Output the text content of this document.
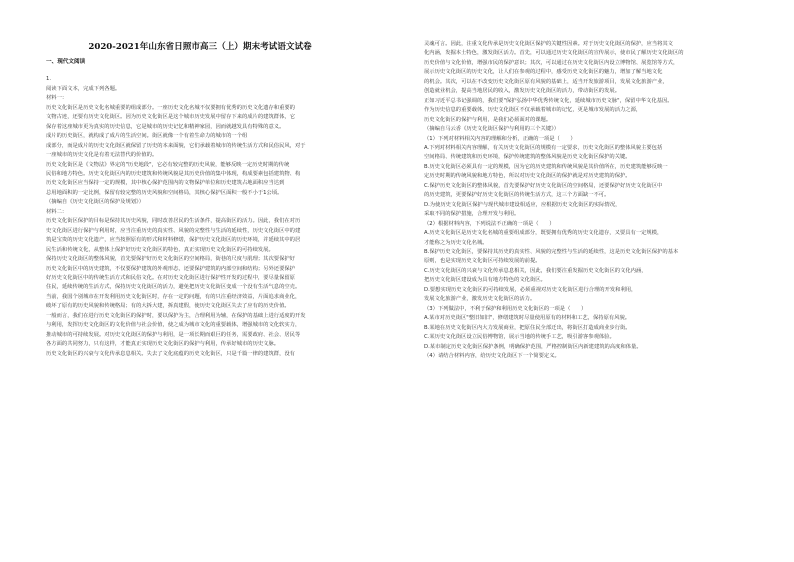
2020-2021年山东省日照市高三（上）期末考试语文试卷
一、现代文阅读
1.
阅读下面文本，完成下列各题。
材料一：
历史文化街区是历史文化名城重要的组成部分。一座历史文化名城不仅要拥有优秀的历史文化遗存和重要的
文物古迹，还要有历史文化街区。因为历史文化街区是这个城市历史发展中留存下来的成片的建筑群体，它
保存着这座城市更为真实的历史信息，它是城市的历史记忆和精神家园，因而就越发具有特殊的意义。
成片的历史街区，就构成了成片的生活空间。街区就像一个有着生命力的城市的一个组
成部分，而是成片的历史文化街区就保留了历史的本来面貌，它们承载着城市的传统生活方式和民俗民风，对于
一座城市的历史文化是有着无法替代的价值的。
历史文化街区是《文物法》界定的"历史地段"，它必有较完整的历史风貌，能够反映一定历史时期的传统
民俗和地方特色。历史文化街区内的历史建筑和传统风貌是其历史价值的集中体现，构成要素包括建筑物、构
历史文化街区应当保持一定的规模，其中核心保护范围内的文物保护单位和历史建筑占地面积应当达到
总用地面积的一定比例，保留有较完整的历史风貌和空间格局，其核心保护区面积一般不小于1公顷。
（摘编自《历史文化街区的保护及规划》）
材料二：
历史文化街区保护的目标是保持其历史风貌，同时改善居民的生活条件，提高街区的活力。因此，我们在对历
史文化街区进行保护与利用时，应当注重历史的真实性、风貌的完整性与生活的延续性，历史文化街区中的建
筑是宝贵的历史文化遗产，应当按照原有的形式和材料修缮，保护历史文化街区的历史环境，并延续其中的居
民生活和传统文化，从整体上保护好历史文化街区的特色，真正实现历史文化街区的可持续发展。
保持历史文化街区的整体风貌，首先要保护好历史文化街区的空间格局，街巷的尺度与肌理；其次要保护好
历史文化街区中的历史建筑，不仅要保护建筑的外观形态，还要保护建筑的内部空间和结构；另外还要保护
好历史文化街区中的传统生活方式和民俗文化。在对历史文化街区进行保护性开发的过程中，要尽量保留原
住民，延续传统的生活方式，保持历史文化街区的活力，避免把历史文化街区变成一个没有生活气息的空壳。
当前，我国个别城市在开发利用历史文化街区时，存在一定的问题，有的只注重经济效益，片面追求商业化，
破坏了原有的历史风貌和传统格局；有的大拆大建，拆真建假，使历史文化街区失去了应有的历史价值。
一般而言，我们在进行历史文化街区的保护时，要以保护为主，合理利用为辅，在保护的基础上进行适度的开发
与利用，发挥历史文化街区的文化价值与社会价值，使之成为城市文化的重要载体，增强城市的文化软实力，
推动城市的可持续发展。对历史文化街区的保护与利用，是一项长期而艰巨的任务，需要政府、社会、居民等
各方面的共同努力，只有这样，才能真正实现历史文化街区的保护与利用，传承好城市的历史文脉。
历史文化街区的兴衰与文化传承息息相关。失去了文化底蕴的历史文化街区，只是千篇一律的建筑群，没有
灵魂可言。因此，注重文化传承是历史文化街区保护的关键性因素。对于历史文化街区的保护，应当将其文
化内涵，发掘本土特色，激发街区活力。首先，可以通过历史文化街区的宣传展示，使市民了解历史文化街区的
历史价值与文化价值，增强市民的保护意识；其次，可以通过在历史文化街区内设立博物馆、展览馆等方式，
展示历史文化街区的历史文化，让人们在参观的过程中，感受历史文化街区的魅力，增加了解当地文化
的机会。其次，可以在不改变历史文化街区原有风貌的基础上，适当开发旅游项目，发展文化旅游产业，
创造就业机会，提高当地居民的收入，激发历史文化街区的活力，带动街区的发展。
正如习近平总书记强调的，我们要"保护弘扬中华优秀传统文化，延续城市历史文脉"，保留中华文化基因。
作为历史信息的重要载体，历史文化街区不仅承载着城市的记忆，更是城市发展的活力之源，
历史文化街区的保护与利用，是我们必须面对的课题。
（摘编自马云香《历史文化街区保护与利用的三个关键》）
（1）下列对材料相关内容的理解和分析，正确的一项是（　　）
A.下列对材料相关内容理解，有关历史文化街区的规模有一定要求，历史文化街区的整体风貌主要包括
空间格局、传统建筑和历史环境，保护传统建筑的整体风貌是历史文化街区保护的关键。
B.历史文化街区必须具有一定的规模，因为它的历史建筑和传统风貌是其价值所在，历史建筑能够反映一
定历史时期的传统风貌和地方特色，所以对历史文化街区的保护就是对历史建筑的保护。
C.保护历史文化街区的整体风貌，首先要保护好历史文化街区的空间格局，还要保护好历史文化街区中
的历史建筑，更要保护好历史文化街区的传统生活方式，这三个方面缺一不可。
D.为使历史文化街区保护与现代城市建设相适应，应根据历史文化街区的实际情况，
采取不同的保护措施，合理开发与利用。
（2）根据材料内容，下列说法不正确的一项是（　　）
A.历史文化街区是历史文化名城的重要组成部分，既要拥有优秀的历史文化遗存，又要具有一定规模，
才能称之为历史文化名城。
B.保护历史文化街区，要保持其历史的真实性、风貌的完整性与生活的延续性，这是历史文化街区保护的基本
原则，也是实现历史文化街区可持续发展的前提。
C.历史文化街区的兴衰与文化传承息息相关，因此，我们要注重发掘历史文化街区的文化内涵，
把历史文化街区建设成为具有地方特色的文化街区。
D.要想实现历史文化街区的可持续发展，必须重视对历史文化街区进行合理的开发和利用，
发展文化旅游产业，激发历史文化街区的活力。
（3）下列做法中，不利于保护和利用历史文化街区的一项是（　　）
A.某市对历史街区"整旧如旧"，修缮建筑时尽量使用原有的材料和工艺，保持原有风貌。
B.某地在历史文化街区内大力发展商业，把原住民全部迁出，将街区打造成商业步行街。
C.某历史文化街区设立民俗博物馆，展示当地的传统手工艺，吸引游客参观体验。
D.某市制定历史文化街区保护条例，明确保护范围，严格控制街区内新建建筑的高度和体量。
（4）请结合材料内容，给历史文化街区下一个简要定义。
